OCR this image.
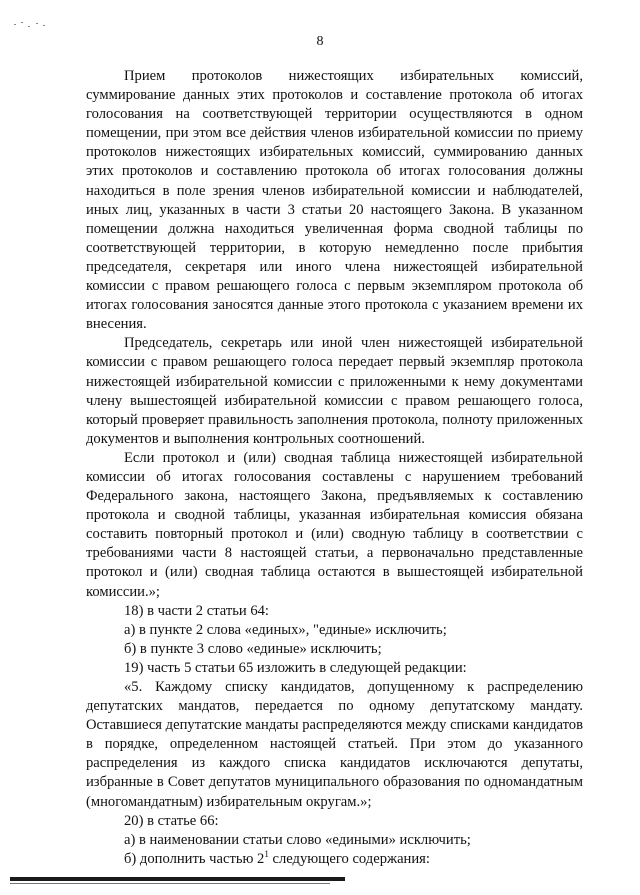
8

Прием протоколов нижестоящих избирательных комиссий, суммирование данных этих протоколов и составление протокола об итогах голосования на соответствующей территории осуществляются в одном помещении, при этом все действия членов избирательной комиссии по приему протоколов нижестоящих избирательных комиссий, суммированию данных этих протоколов и составлению протокола об итогах голосования должны находиться в поле зрения членов избирательной комиссии и наблюдателей, иных лиц, указанных в части 3 статьи 20 настоящего Закона. В указанном помещении должна находиться увеличенная форма сводной таблицы по соответствующей территории, в которую немедленно после прибытия председателя, секретаря или иного члена нижестоящей избирательной комиссии с правом решающего голоса с первым экземпляром протокола об итогах голосования заносятся данные этого протокола с указанием времени их внесения.

Председатель, секретарь или иной член нижестоящей избирательной комиссии с правом решающего голоса передает первый экземпляр протокола нижестоящей избирательной комиссии с приложенными к нему документами члену вышестоящей избирательной комиссии с правом решающего голоса, который проверяет правильность заполнения протокола, полноту приложенных документов и выполнения контрольных соотношений.

Если протокол и (или) сводная таблица нижестоящей избирательной комиссии об итогах голосования составлены с нарушением требований Федерального закона, настоящего Закона, предъявляемых к составлению протокола и сводной таблицы, указанная избирательная комиссия обязана составить повторный протокол и (или) сводную таблицу в соответствии с требованиями части 8 настоящей статьи, а первоначально представленные протокол и (или) сводная таблица остаются в вышестоящей избирательной комиссии.»;

18) в части 2 статьи 64:

а) в пункте 2 слова «единых», "единые» исключить;

б) в пункте 3 слово «единые» исключить;

19) часть 5 статьи 65 изложить в следующей редакции:

«5. Каждому списку кандидатов, допущенному к распределению депутатских мандатов, передается по одному депутатскому мандату. Оставшиеся депутатские мандаты распределяются между списками кандидатов в порядке, определенном настоящей статьей. При этом до указанного распределения из каждого списка кандидатов исключаются депутаты, избранные в Совет депутатов муниципального образования по одномандатным (многомандатным) избирательным округам.»;

20) в статье 66:

а) в наименовании статьи слово «едиными» исключить;

б) дополнить частью $2^1$ следующего содержания:
